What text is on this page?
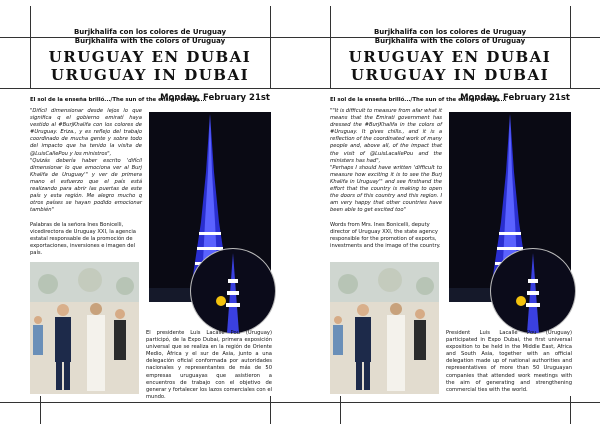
Burjkhalifa con los colores de Uruguay
Burjkhalifa with the colors of Uruguay
URUGUAY EN DUBAI
URUGUAY IN DUBAI
El sol de la enseña brilló.../The sun of the ensign shone....
Monday, February 21st

"Difícil dimensionar desde lejos lo que significa q el gobierno emiratí haya vestido al #BurjKhalifa con los colores de #Uruguay. Eriza., y es reflejo del trabajo coordinado de mucha gente y sobre todo del impacto que ha tenido la visita de @LuisCallePou y los ministros",

"Quizás debería haber escrito 'difícil dimensionar lo que emociona ver al Burj Khalifa de Uruguay'" y ver de primera mano el esfuerzo que el país está realizando para abrir las puertas de este país y esta región. Me alegro mucho q otros países se hayan podido emocionar también"

Palabras de la señora Ines Bonicelli, vicedirectora de Uruguay XXI, la agencia estatal responsable de la promoción de exportaciones, inversiones e imagen del país.
El presidente Luis Lacalle Pou (Uruguay) participó, de la Expo Dubai, primera exposición universal que se realiza en la región de Oriente Medio, África y el sur de Asia, junto a una delegación oficial conformada por autoridades nacionales y representantes de más de 50 empresas uruguayas que asistieron a encuentros de trabajo con el objetivo de generar y fortalecer los lazos comerciales con el mundo.
Burjkhalifa con los colores de Uruguay
Burjkhalifa with the colors of Uruguay
URUGUAY EN DUBAI
URUGUAY IN DUBAI
El sol de la enseña brilló.../The sun of the ensign shone....
Monday, February 21st

""It is difficult to measure from afar what it means that the Emirati government has dressed the #BurjKhalifa in the colors of #Uruguay. It gives chills., and it is a reflection of the coordinated work of many people and, above all, of the impact that the visit of @LuisLacallePou and the ministers has had",

"Perhaps I should have written 'difficult to measure how exciting it is to see the Burj Khalifa in Uruguay'" and see firsthand the effort that the country is making to open the doors of this country and this region. I am very happy that other countries have been able to get excited too"

Words from Mrs. Ines Bonicelli, deputy director of Uruguay XXI, the state agency responsible for the promotion of exports, investments and the image of the country.
President Luis Lacalle Pou (Uruguay) participated in Expo Dubai, the first universal exposition to be held in the Middle East, Africa and South Asia, together with an official delegation made up of national authorities and representatives of more than 50 Uruguayan companies that attended work meetings with the aim of generating and strengthening commercial ties with the world.
